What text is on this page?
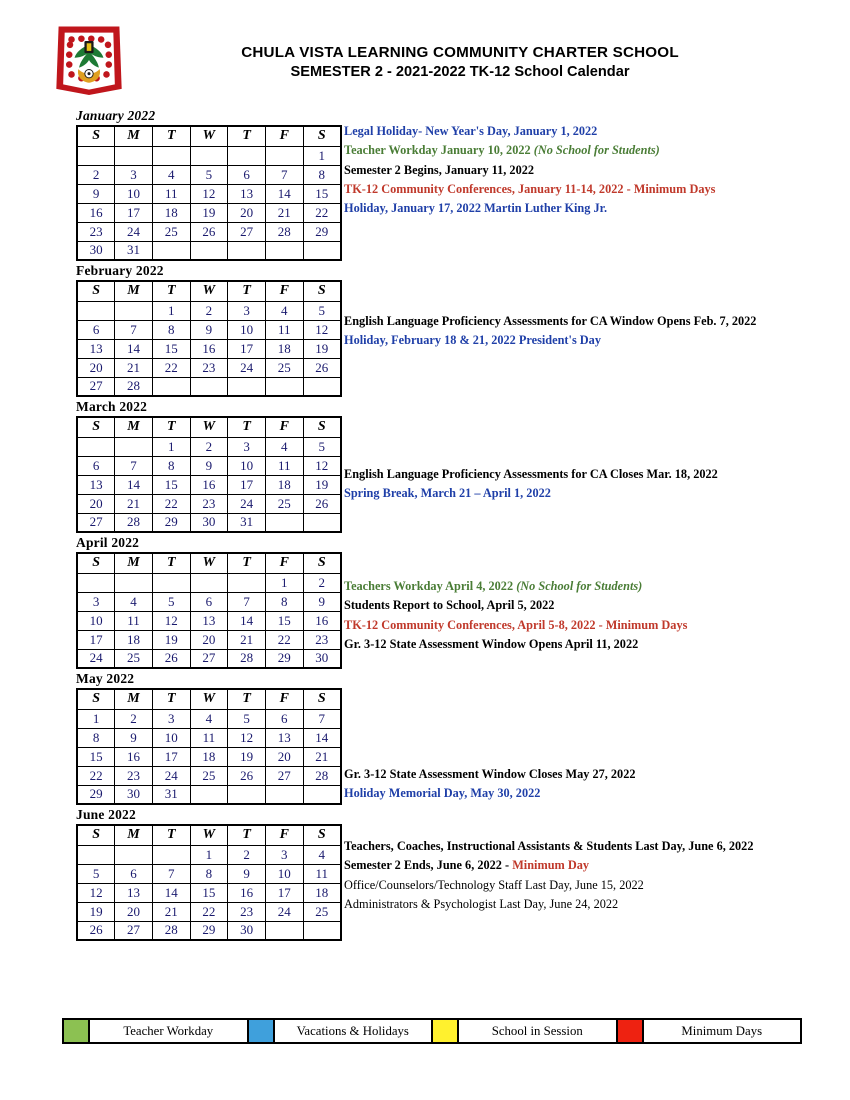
CHULA VISTA LEARNING COMMUNITY CHARTER SCHOOL
SEMESTER 2 - 2021-2022 TK-12 School Calendar
January 2022
S	M	T	W	T	F	S
						1
2	3	4	5	6	7	8
9	10	11	12	13	14	15
16	17	18	19	20	21	22
23	24	25	26	27	28	29
30	31					
Legal Holiday- New Year's Day, January 1, 2022
Teacher Workday January 10, 2022 (No School for Students)
Semester 2 Begins, January 11, 2022
TK-12 Community Conferences, January 11-14, 2022 - Minimum Days
Holiday, January 17, 2022 Martin Luther King Jr.
February 2022
S	M	T	W	T	F	S
		1	2	3	4	5
6	7	8	9	10	11	12
13	14	15	16	17	18	19
20	21	22	23	24	25	26
27	28					
English Language Proficiency Assessments for CA Window Opens Feb. 7, 2022
Holiday, February 18 & 21, 2022 President's Day
March 2022
S	M	T	W	T	F	S
		1	2	3	4	5
6	7	8	9	10	11	12
13	14	15	16	17	18	19
20	21	22	23	24	25	26
27	28	29	30	31		
English Language Proficiency Assessments for CA Closes Mar. 18, 2022
Spring Break, March 21 – April 1, 2022
April 2022
S	M	T	W	T	F	S
					1	2
3	4	5	6	7	8	9
10	11	12	13	14	15	16
17	18	19	20	21	22	23
24	25	26	27	28	29	30
Teachers Workday April 4, 2022 (No School for Students)
Students Report to School, April 5, 2022
TK-12 Community Conferences, April 5-8, 2022 - Minimum Days
Gr. 3-12 State Assessment Window Opens April 11, 2022
May 2022
S	M	T	W	T	F	S
1	2	3	4	5	6	7
8	9	10	11	12	13	14
15	16	17	18	19	20	21
22	23	24	25	26	27	28
29	30	31				
Gr. 3-12 State Assessment Window Closes May 27, 2022
Holiday Memorial Day, May 30, 2022
June 2022
S	M	T	W	T	F	S
			1	2	3	4
5	6	7	8	9	10	11
12	13	14	15	16	17	18
19	20	21	22	23	24	25
26	27	28	29	30		
Teachers, Coaches, Instructional Assistants & Students Last Day, June 6, 2022
Semester 2 Ends, June 6, 2022 - Minimum Day
Office/Counselors/Technology Staff Last Day, June 15, 2022
Administrators & Psychologist Last Day, June 24, 2022
Teacher Workday	Vacations & Holidays	School in Session	Minimum Days
